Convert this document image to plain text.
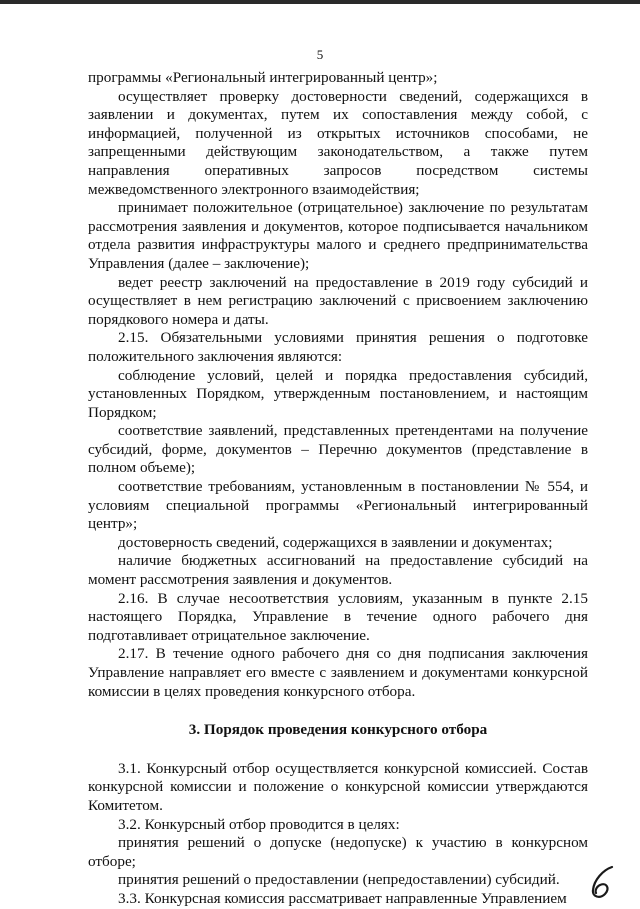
5

программы «Региональный интегрированный центр»;

осуществляет проверку достоверности сведений, содержащихся в заявлении и документах, путем их сопоставления между собой, с информацией, полученной из открытых источников способами, не запрещенными действующим законодательством, а также путем направления оперативных запросов посредством системы межведомственного электронного взаимодействия;

принимает положительное (отрицательное) заключение по результатам рассмотрения заявления и документов, которое подписывается начальником отдела развития инфраструктуры малого и среднего предпринимательства Управления (далее – заключение);

ведет реестр заключений на предоставление в 2019 году субсидий и осуществляет в нем регистрацию заключений с присвоением заключению порядкового номера и даты.

2.15. Обязательными условиями принятия решения о подготовке положительного заключения являются:

соблюдение условий, целей и порядка предоставления субсидий, установленных Порядком, утвержденным постановлением, и настоящим Порядком;

соответствие заявлений, представленных претендентами на получение субсидий, форме, документов – Перечню документов (представление в полном объеме);

соответствие требованиям, установленным в постановлении № 554, и условиям специальной программы «Региональный интегрированный центр»;

достоверность сведений, содержащихся в заявлении и документах;

наличие бюджетных ассигнований на предоставление субсидий на момент рассмотрения заявления и документов.

2.16. В случае несоответствия условиям, указанным в пункте 2.15 настоящего Порядка, Управление в течение одного рабочего дня подготавливает отрицательное заключение.

2.17. В течение одного рабочего дня со дня подписания заключения Управление направляет его вместе с заявлением и документами конкурсной комиссии в целях проведения конкурсного отбора.

3. Порядок проведения конкурсного отбора

3.1. Конкурсный отбор осуществляется конкурсной комиссией. Состав конкурсной комиссии и положение о конкурсной комиссии утверждаются Комитетом.

3.2. Конкурсный отбор проводится в целях:

принятия решений о допуске (недопуске) к участию в конкурсном отборе;

принятия решений о предоставлении (непредоставлении) субсидий.

3.3. Конкурсная комиссия рассматривает направленные Управлением
